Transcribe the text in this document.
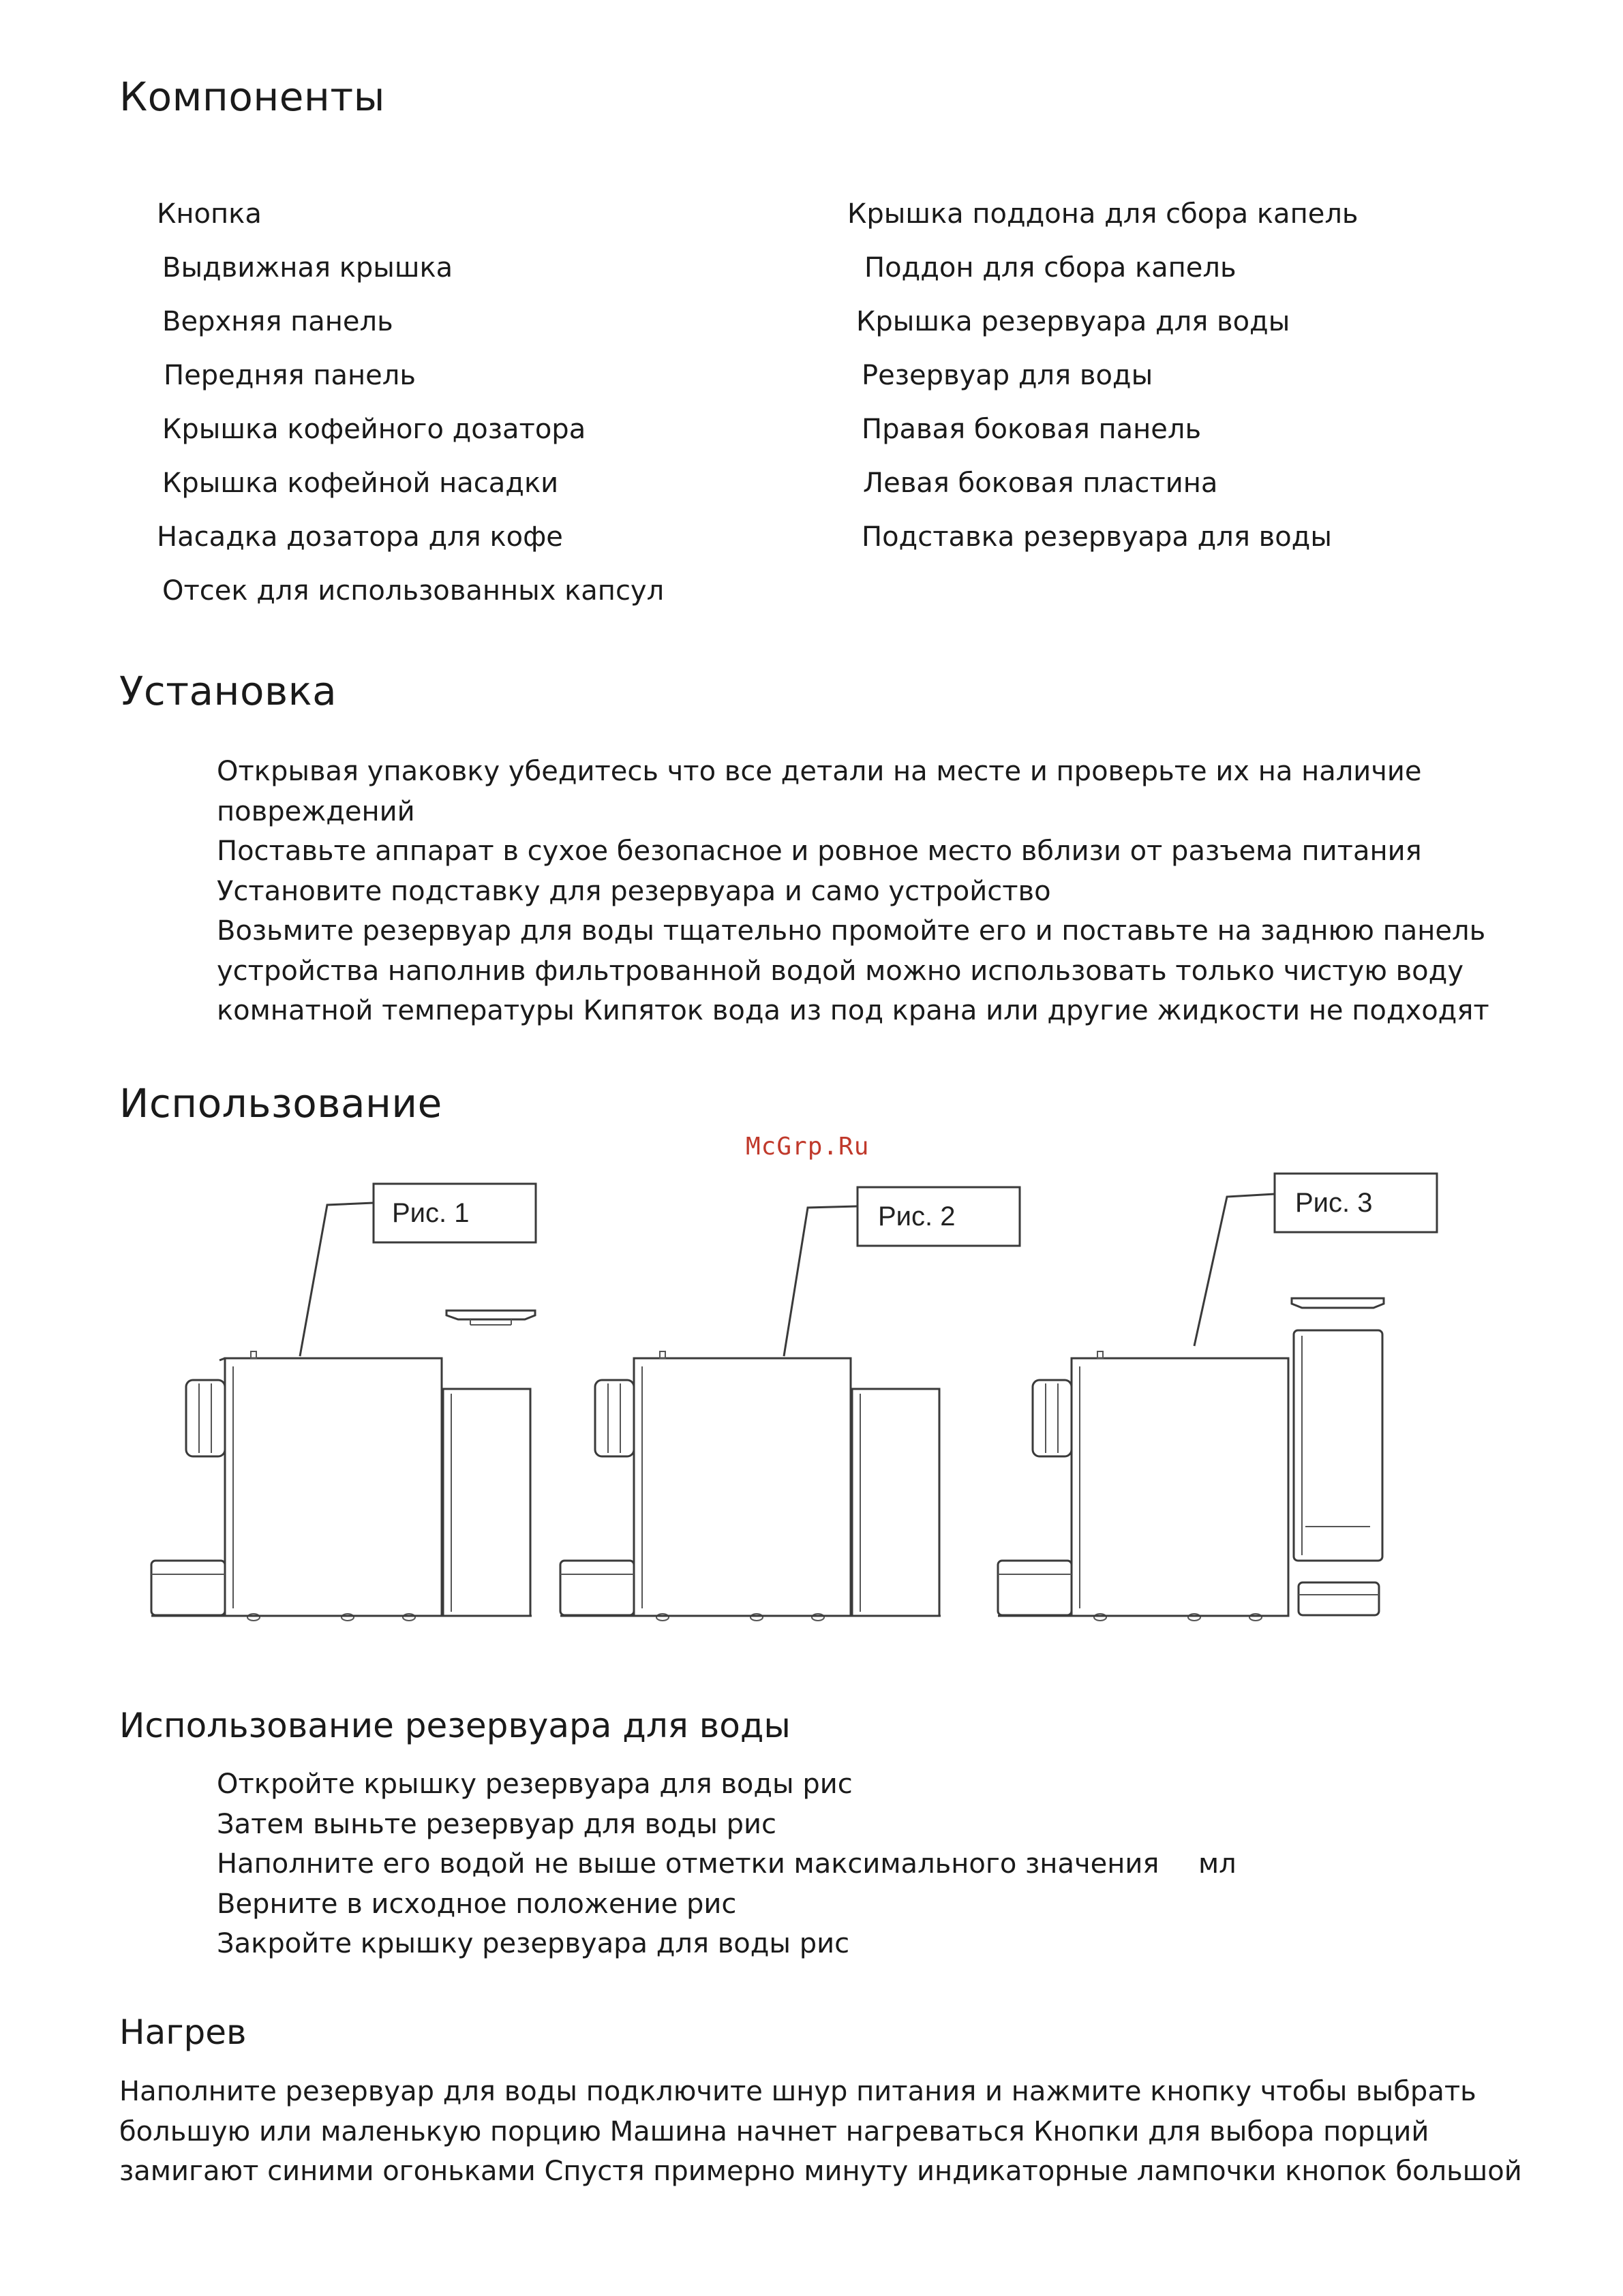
Компоненты
Кнопка
Выдвижная крышка
Верхняя панель
Передняя панель
Крышка кофейного дозатора
Крышка кофейной насадки
Насадка дозатора для кофе
Отсек для использованных капсул
Крышка поддона для сбора капель
Поддон для сбора капель
Крышка резервуара для воды
Резервуар для воды
Правая боковая панель
Левая боковая пластина
Подставка резервуара для воды
Установка
Открывая упаковку убедитесь что все детали на месте и проверьте их на наличие
повреждений
Поставьте аппарат в сухое безопасное и ровное место вблизи от разъема питания
Установите подставку для резервуара и само устройство
Возьмите резервуар для воды тщательно промойте его и поставьте на заднюю панель
устройства наполнив фильтрованной водой можно использовать только чистую воду
комнатной температуры Кипяток вода из под крана или другие жидкости не подходят
Использование
McGrp.Ru
Рис. 1	Рис. 2	Рис. 3
Использование резервуара для воды
Откройте крышку резервуара для воды рис
Затем выньте резервуар для воды рис
Наполните его водой не выше отметки максимального значения мл
Верните в исходное положение рис
Закройте крышку резервуара для воды рис
Нагрев
Наполните резервуар для воды подключите шнур питания и нажмите кнопку чтобы выбрать
большую или маленькую порцию Машина начнет нагреваться Кнопки для выбора порций
замигают синими огоньками Спустя примерно минуту индикаторные лампочки кнопок большой
